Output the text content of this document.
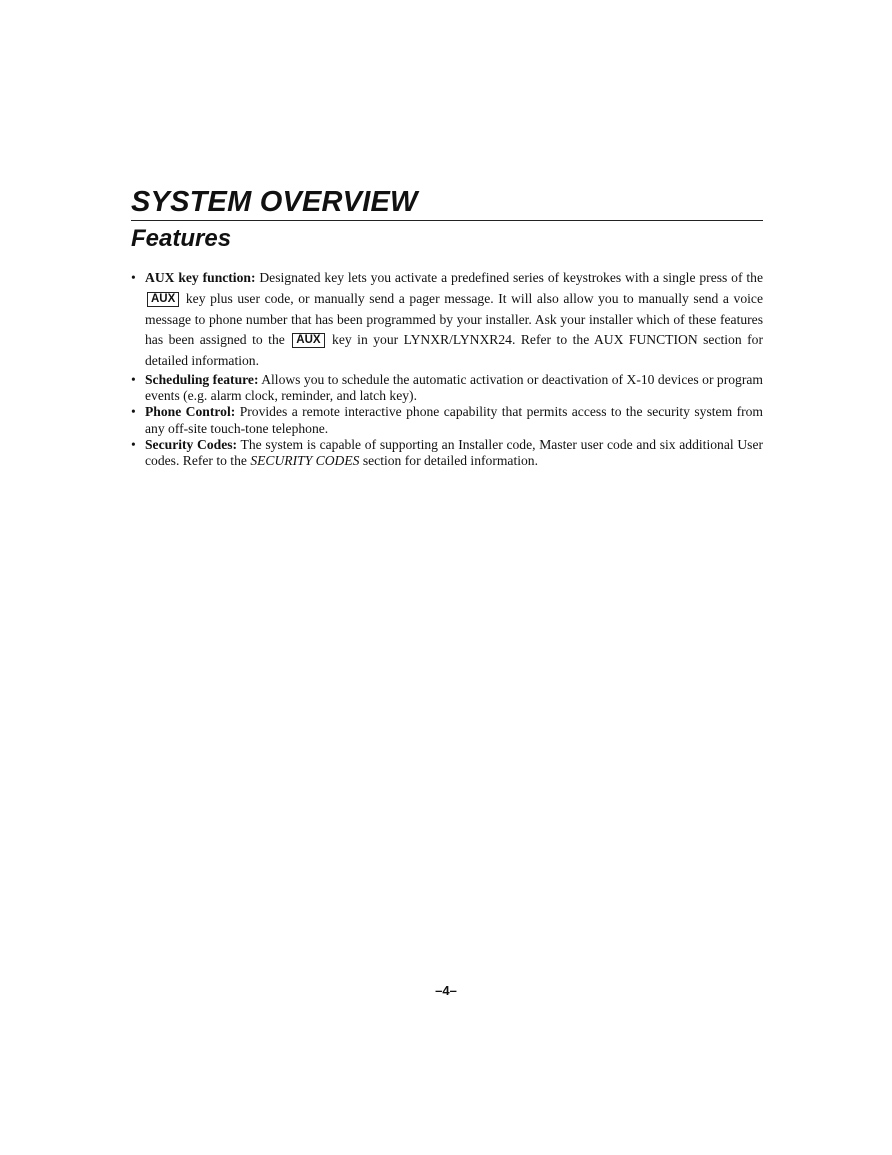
SYSTEM OVERVIEW
Features
• AUX key function: Designated key lets you activate a predefined series of keystrokes with a single press of the AUX key plus user code, or manually send a pager message. It will also allow you to manually send a voice message to phone number that has been programmed by your installer. Ask your installer which of these features has been assigned to the AUX key in your LYNXR/LYNXR24. Refer to the AUX FUNCTION section for detailed information.
• Scheduling feature: Allows you to schedule the automatic activation or deactivation of X-10 devices or program events (e.g. alarm clock, reminder, and latch key).
• Phone Control: Provides a remote interactive phone capability that permits access to the security system from any off-site touch-tone telephone.
• Security Codes: The system is capable of supporting an Installer code, Master user code and six additional User codes. Refer to the SECURITY CODES section for detailed information.
–4–
